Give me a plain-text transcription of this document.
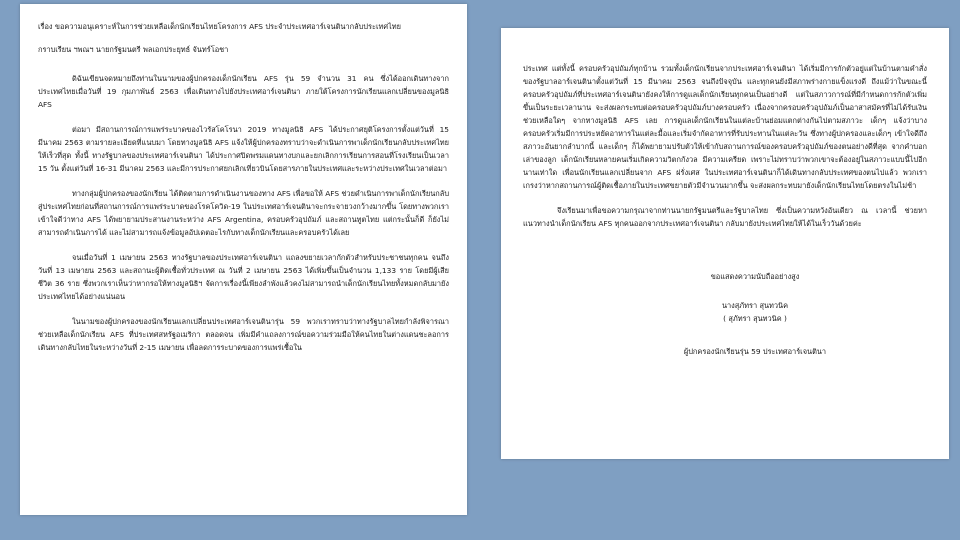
เรื่อง ขอความอนุเคราะห์ในการช่วยเหลือเด็กนักเรียนไทยโครงการ AFS ประจำประเทศอาร์เจนตินากลับประเทศไทย

กราบเรียน ฯพณฯ นายกรัฐมนตรี พลเอกประยุทธ์ จันทร์โอชา

ดิฉันเขียนจดหมายถึงท่านในนามของผู้ปกครองเด็กนักเรียน AFS รุ่น 59 จำนวน 31 คน ซึ่งได้ออกเดินทางจากประเทศไทยเมื่อวันที่ 19 กุมภาพันธ์ 2563 เพื่อเดินทางไปยังประเทศอาร์เจนตินา ภายใต้โครงการนักเรียนแลกเปลี่ยนของมูลนิธิ AFS

ต่อมา มีสถานการณ์การแพร่ระบาดของไวรัสโคโรนา 2019 ทางมูลนิธิ AFS ได้ประกาศยุติโครงการตั้งแต่วันที่ 15 มีนาคม 2563 ตามรายละเอียดที่แนบมา โดยทางมูลนิธิ AFS แจ้งให้ผู้ปกครองทราบว่าจะดำเนินการพาเด็กนักเรียนกลับประเทศไทยให้เร็วที่สุด ทั้งนี้ ทางรัฐบาลของประเทศอาร์เจนตินา ได้ประกาศปิดพรมแดนทางบกและยกเลิกการเรียนการสอนที่โรงเรียนเป็นเวลา 15 วัน ตั้งแต่วันที่ 16-31 มีนาคม 2563 และมีการประกาศยกเลิกเที่ยวบินโดยสารภายในประเทศและระหว่างประเทศในเวลาต่อมา

ทางกลุ่มผู้ปกครองของนักเรียน ได้ติดตามการดำเนินงานของทาง AFS เพื่อขอให้ AFS ช่วยดำเนินการพาเด็กนักเรียนกลับสู่ประเทศไทยก่อนที่สถานการณ์การแพร่ระบาดของโรคโควิด-19 ในประเทศอาร์เจนตินาจะกระจายวงกว้างมากขึ้น โดยทางพวกเราเข้าใจดีว่าทาง AFS ได้พยายามประสานงานระหว่าง AFS Argentina, ครอบครัวอุปถัมภ์ และสถานทูตไทย แต่กระนั้นก็ดี ก็ยังไม่สามารถดำเนินการได้ และไม่สามารถแจ้งข้อมูลอัปเดตอะไรกับทางเด็กนักเรียนและครอบครัวได้เลย

จนเมื่อวันที่ 1 เมษายน 2563 ทางรัฐบาลของประเทศอาร์เจนตินา แถลงขยายเวลากักตัวสำหรับประชาชนทุกคน จนถึงวันที่ 13 เมษายน 2563 และสถานะผู้ติดเชื้อทั่วประเทศ ณ วันที่ 2 เมษายน 2563 ได้เพิ่มขึ้นเป็นจำนวน 1,133 ราย โดยมีผู้เสียชีวิต 36 ราย ซึ่งพวกเราเห็นว่าหากรอให้ทางมูลนิธิฯ จัดการเรื่องนี้เพียงลำพังแล้วคงไม่สามารถนำเด็กนักเรียนไทยทั้งหมดกลับมายังประเทศไทยได้อย่างแน่นอน

ในนามของผู้ปกครองของนักเรียนแลกเปลี่ยนประเทศอาร์เจนตินารุ่น 59 พวกเราทราบว่าทางรัฐบาลไทยกำลังพิจารณาช่วยเหลือเด็กนักเรียน AFS ที่ประเทศสหรัฐอเมริกา ตลอดจน เพิ่มมีคำแถลงการณ์ขอความร่วมมือให้คนไทยในต่างแดนชะลอการเดินทางกลับไทยในระหว่างวันที่ 2-15 เมษายน เพื่อลดการระบาดของการแพร่เชื้อใน

ประเทศ แต่ทั้งนี้ ครอบครัวอุปถัมภ์ทุกบ้าน รวมทั้งเด็กนักเรียนจากประเทศอาร์เจนตินา ได้เริ่มมีการกักตัวอยู่แต่ในบ้านตามคำสั่งของรัฐบาลอาร์เจนตินาตั้งแต่วันที่ 15 มีนาคม 2563 จนถึงปัจจุบัน และทุกคนยังมีสภาพร่างกายแข็งแรงดี ถึงแม้ว่าในขณะนี้ครอบครัวอุปถัมภ์ที่ประเทศอาร์เจนตินายังคงให้การดูแลเด็กนักเรียนทุกคนเป็นอย่างดี แต่ในสภาวการณ์ที่มีกำหนดการกักตัวเพิ่มขึ้นเป็นระยะเวลานาน จะส่งผลกระทบต่อครอบครัวอุปถัมภ์บางครอบครัว เนื่องจากครอบครัวอุปถัมภ์เป็นอาสาสมัครที่ไม่ได้รับเงินช่วยเหลือใดๆ จากทางมูลนิธิ AFS เลย การดูแลเด็กนักเรียนในแต่ละบ้านย่อมแตกต่างกันไปตามสภาวะ เด็กๆ แจ้งว่าบางครอบครัวเริ่มมีการประหยัดอาหารในแต่ละมื้อและเริ่มจำกัดอาหารที่รับประทานในแต่ละวัน ซึ่งทางผู้ปกครองและเด็กๆ เข้าใจดีถึงสภาวะอันยากลำบากนี้ และเด็กๆ ก็ได้พยายามปรับตัวให้เข้ากับสถานการณ์ของครอบครัวอุปถัมภ์ของตนอย่างดีที่สุด จากคำบอกเล่าของลูก เด็กนักเรียนหลายคนเริ่มเกิดความวิตกกังวล มีความเครียด เพราะไม่ทราบว่าพวกเขาจะต้องอยู่ในสภาวะแบบนี้ไปอีกนานเท่าใด เพื่อนนักเรียนแลกเปลี่ยนจาก AFS ฝรั่งเศส ในประเทศอาร์เจนตินาก็ได้เดินทางกลับประเทศของตนไปแล้ว พวกเราเกรงว่าหากสถานการณ์ผู้ติดเชื้อภายในประเทศขยายตัวมีจำนวนมากขึ้น จะส่งผลกระทบมายังเด็กนักเรียนไทยโดยตรงในไม่ช้า

จึงเรียนมาเพื่อขอความกรุณาจากท่านนายกรัฐมนตรีและรัฐบาลไทย ซึ่งเป็นความหวังอันเดียว ณ เวลานี้ ช่วยหาแนวทางนำเด็กนักเรียน AFS ทุกคนออกจากประเทศอาร์เจนตินา กลับมายังประเทศไทยให้ได้ในเร็ววันด้วยค่ะ

ขอแสดงความนับถืออย่างสูง
นางสุภัทรา สุนทวนิค
( สุภัทรา สุนทวนิค )
ผู้ปกครองนักเรียนรุ่น 59 ประเทศอาร์เจนตินา
